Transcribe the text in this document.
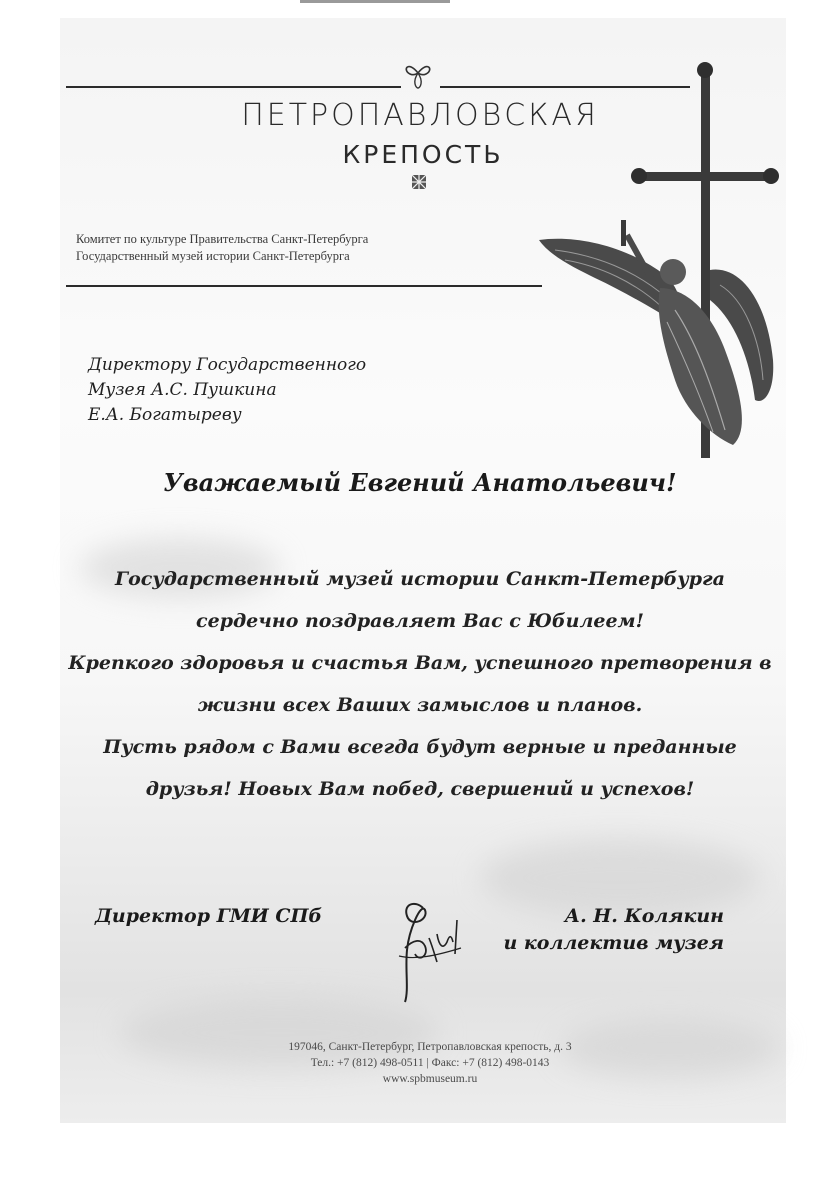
ПЕТРОПАВЛОВСКАЯ
КРЕПОСТЬ
Комитет по культуре Правительства Санкт-Петербурга
Государственный музей истории Санкт-Петербурга
Директору Государственного
Музея А.С. Пушкина
Е.А. Богатыреву
Уважаемый Евгений Анатольевич!
Государственный музей истории Санкт-Петербурга
сердечно поздравляет Вас с Юбилеем!
Крепкого здоровья и счастья Вам, успешного претворения в
жизни всех Ваших замыслов и планов.
Пусть рядом с Вами всегда будут верные и преданные
друзья! Новых Вам побед, свершений и успехов!
Директор ГМИ СПб	А. Н. Колякин
и коллектив музея
197046, Санкт-Петербург, Петропавловская крепость, д. 3
Тел.: +7 (812) 498-0511 | Факс: +7 (812) 498-0143
www.spbmuseum.ru
